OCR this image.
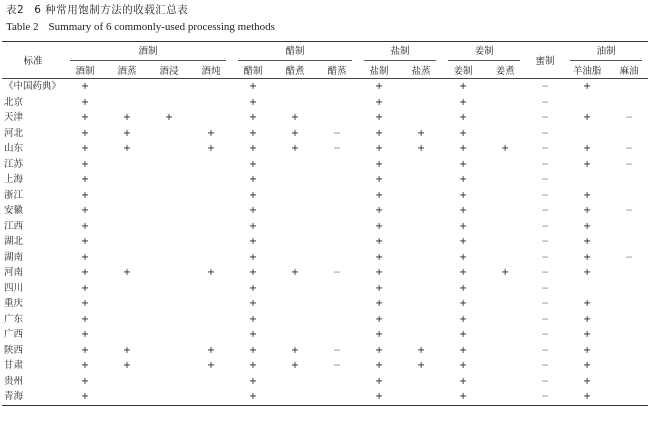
表2 6 种常用饱制方法的收载汇总表
Table 2 Summary of 6 commonly-used processing methods
标准	酒制				醋制			盐制		姜制		蜜制	油制	

	酒制	酒蒸	酒浸	酒炖	醋制	醋煮	醋蒸	盐制	盐蒸	姜制	姜煮		羊油脂	麻油
《中国药典》	+				+			+		+		−	+	
北京	+				+			+		+		−		
天津	+	+	+		+	+		+		+		−	+	−
河北	+	+		+	+	+	−	+	+	+		−		
山东	+	+		+	+	+	−	+	+	+	+	−	+	−
江苏	+				+			+		+		−	+	−
上海	+				+			+		+		−		
浙江	+				+			+		+		−	+	
安徽	+				+			+		+		−	+	−
江西	+				+			+		+		−	+	
湖北	+				+			+		+		−	+	
湖南	+				+			+		+		−	+	−
河南	+	+		+	+	+	−	+		+	+	−	+	
四川	+				+			+		+		−		
重庆	+				+			+		+		−	+	
广东	+				+			+		+		−	+	
广西	+				+			+		+		−	+	
陕西	+	+		+	+	+	−	+	+	+		−	+	
甘肃	+	+		+	+	+	−	+	+	+		−	+	
贵州	+				+			+		+		−	+	
青海	+				+			+		+		−	+	
